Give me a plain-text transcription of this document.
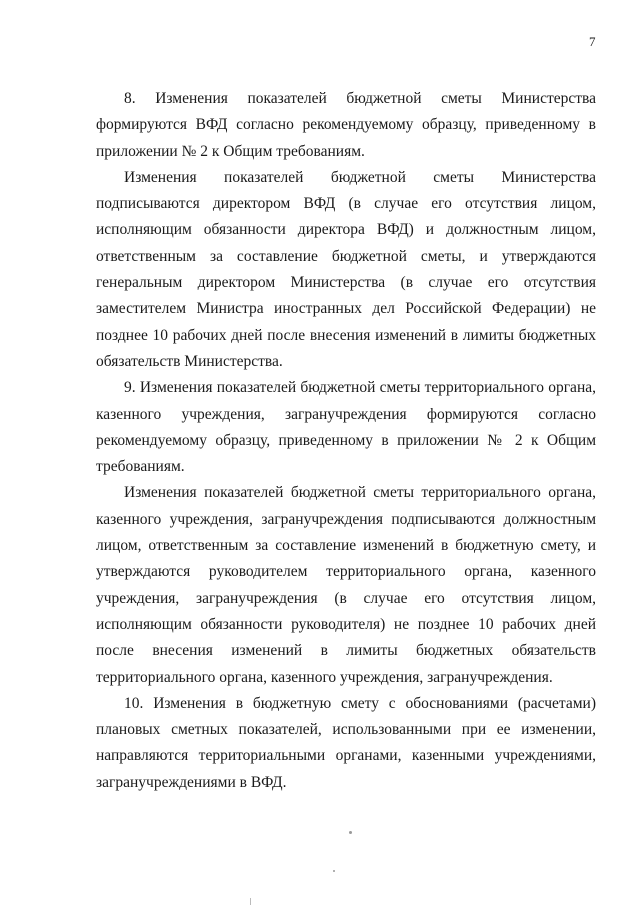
7

8. Изменения показателей бюджетной сметы Министерства формируются ВФД согласно рекомендуемому образцу, приведенному в приложении № 2 к Общим требованиям.

Изменения показателей бюджетной сметы Министерства подписываются директором ВФД (в случае его отсутствия лицом, исполняющим обязанности директора ВФД) и должностным лицом, ответственным за составление бюджетной сметы, и утверждаются генеральным директором Министерства (в случае его отсутствия заместителем Министра иностранных дел Российской Федерации) не позднее 10 рабочих дней после внесения изменений в лимиты бюджетных обязательств Министерства.

9. Изменения показателей бюджетной сметы территориального органа, казенного учреждения, загранучреждения формируются согласно рекомендуемому образцу, приведенному в приложении № 2 к Общим требованиям.

Изменения показателей бюджетной сметы территориального органа, казенного учреждения, загранучреждения подписываются должностным лицом, ответственным за составление изменений в бюджетную смету, и утверждаются руководителем территориального органа, казенного учреждения, загранучреждения (в случае его отсутствия лицом, исполняющим обязанности руководителя) не позднее 10 рабочих дней после внесения изменений в лимиты бюджетных обязательств территориального органа, казенного учреждения, загранучреждения.

10. Изменения в бюджетную смету с обоснованиями (расчетами) плановых сметных показателей, использованными при ее изменении, направляются территориальными органами, казенными учреждениями, загранучреждениями в ВФД.
